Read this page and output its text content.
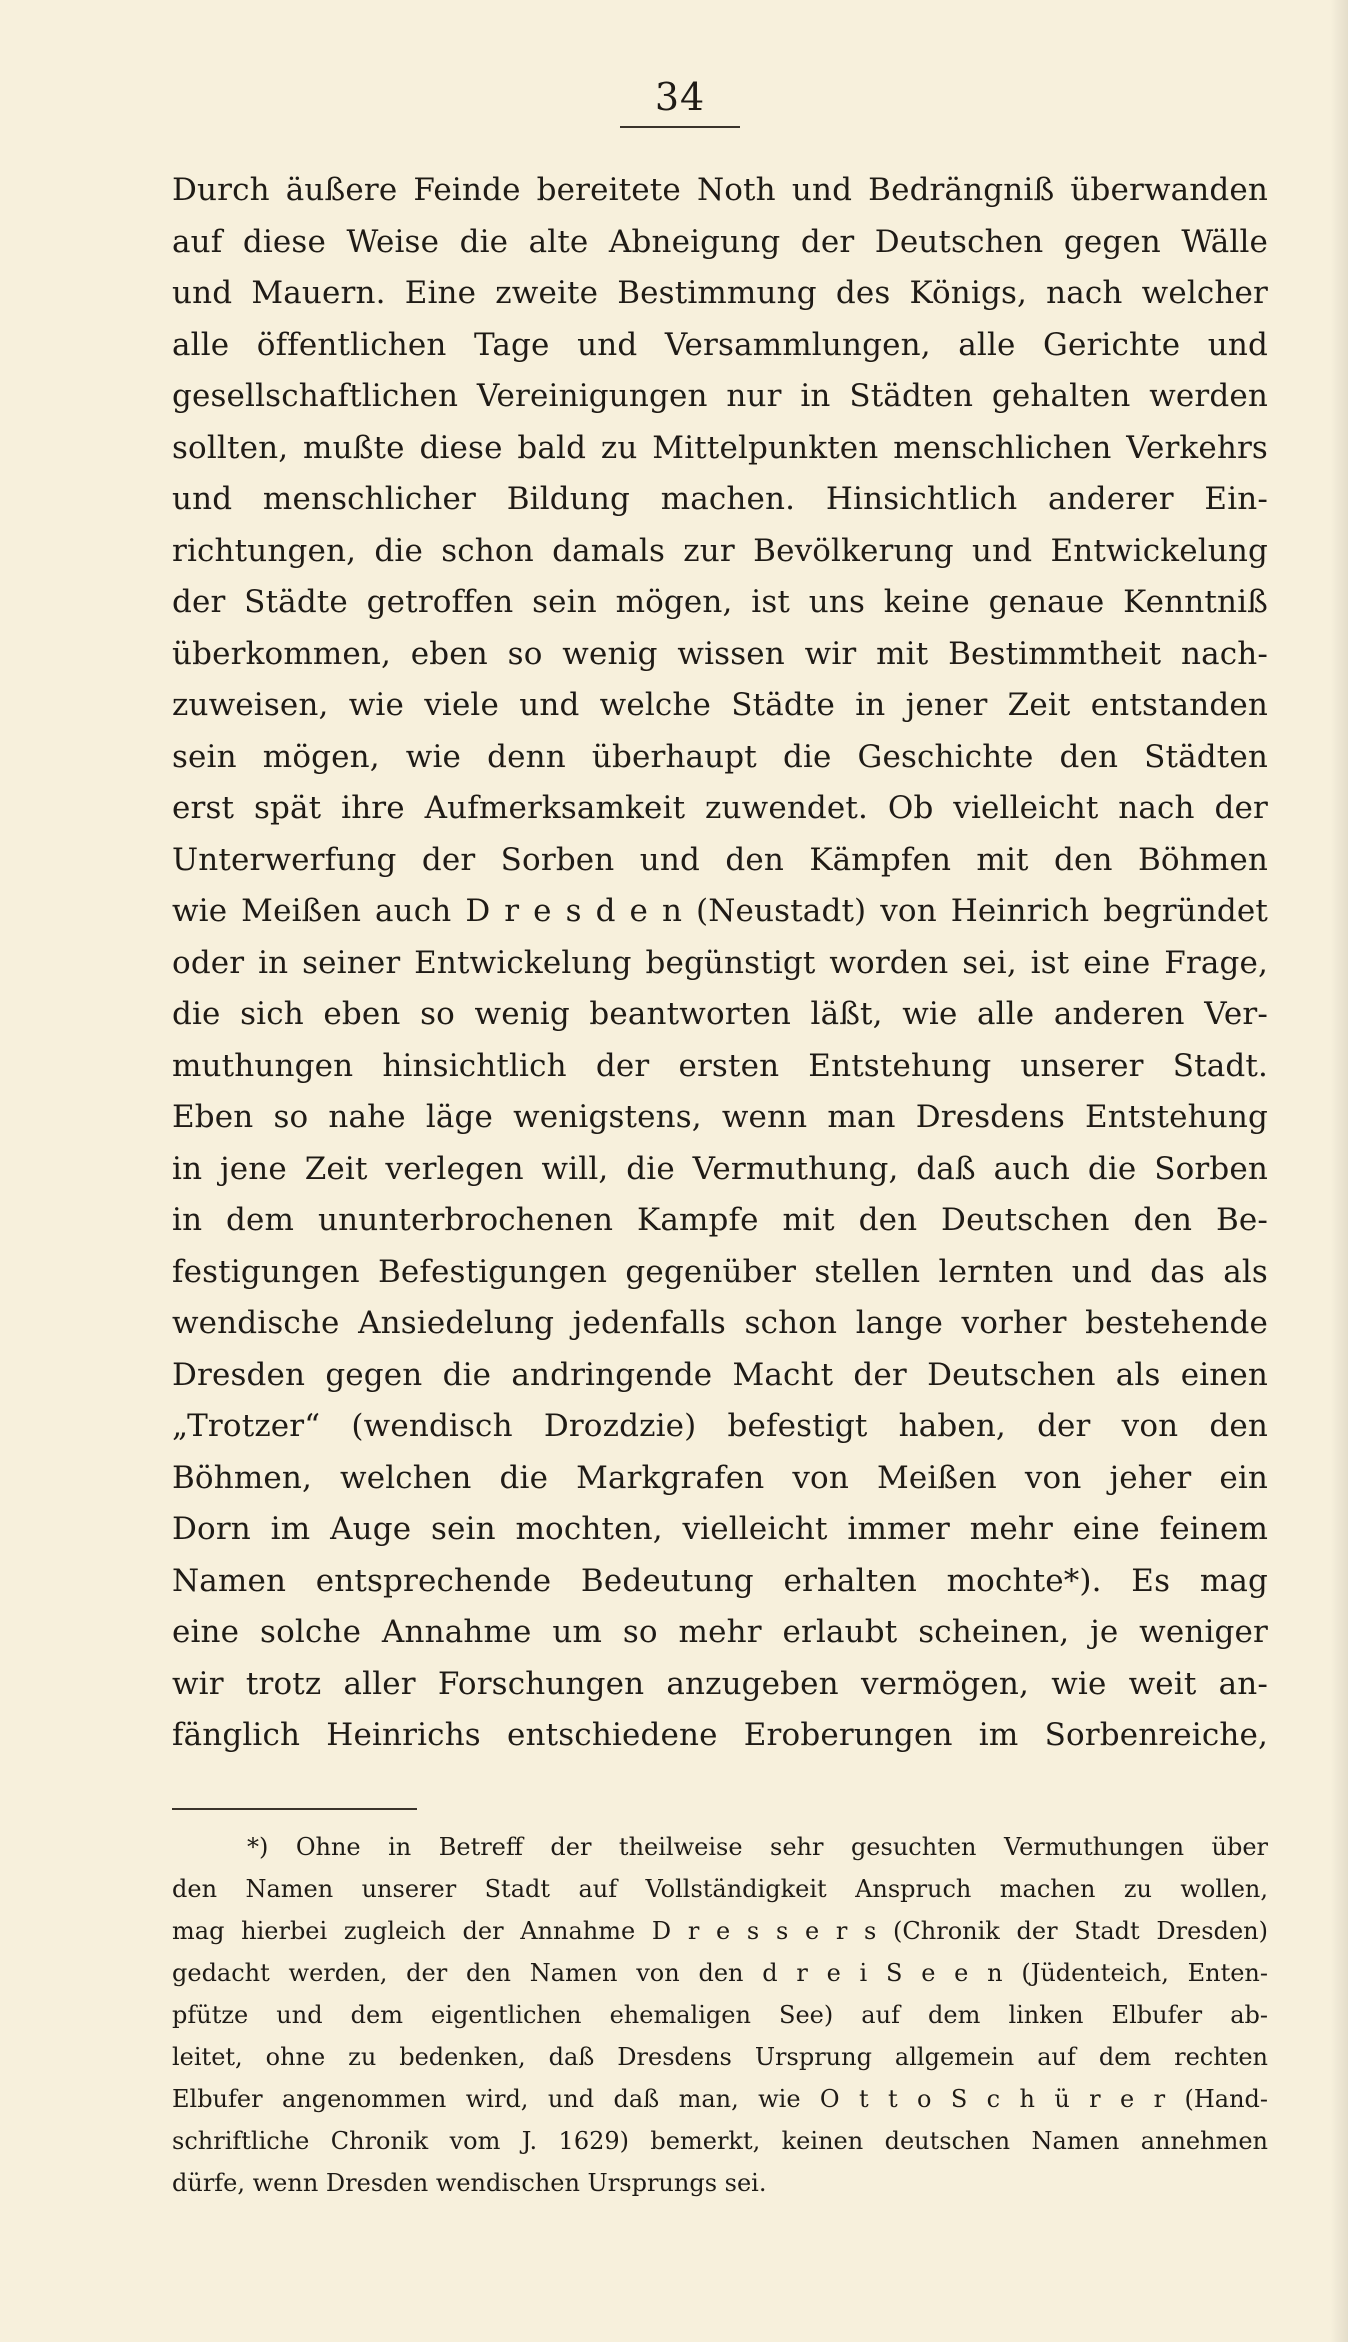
34
Durch äußere Feinde bereitete Noth und Bedrängniß überwanden
auf diese Weise die alte Abneigung der Deutschen gegen Wälle
und Mauern. Eine zweite Bestimmung des Königs, nach welcher
alle öffentlichen Tage und Versammlungen, alle Gerichte und
gesellschaftlichen Vereinigungen nur in Städten gehalten werden
sollten, mußte diese bald zu Mittelpunkten menschlichen Verkehrs
und menschlicher Bildung machen. Hinsichtlich anderer Ein-
richtungen, die schon damals zur Bevölkerung und Entwickelung
der Städte getroffen sein mögen, ist uns keine genaue Kenntniß
überkommen, eben so wenig wissen wir mit Bestimmtheit nach-
zuweisen, wie viele und welche Städte in jener Zeit entstanden
sein mögen, wie denn überhaupt die Geschichte den Städten
erst spät ihre Aufmerksamkeit zuwendet. Ob vielleicht nach der
Unterwerfung der Sorben und den Kämpfen mit den Böhmen
wie Meißen auch D r e s d e n (Neustadt) von Heinrich begründet
oder in seiner Entwickelung begünstigt worden sei, ist eine Frage,
die sich eben so wenig beantworten läßt, wie alle anderen Ver-
muthungen hinsichtlich der ersten Entstehung unserer Stadt.
Eben so nahe läge wenigstens, wenn man Dresdens Entstehung
in jene Zeit verlegen will, die Vermuthung, daß auch die Sorben
in dem ununterbrochenen Kampfe mit den Deutschen den Be-
festigungen Befestigungen gegenüber stellen lernten und das als
wendische Ansiedelung jedenfalls schon lange vorher bestehende
Dresden gegen die andringende Macht der Deutschen als einen
„Trotzer“ (wendisch Drozdzie) befestigt haben, der von den
Böhmen, welchen die Markgrafen von Meißen von jeher ein
Dorn im Auge sein mochten, vielleicht immer mehr eine feinem
Namen entsprechende Bedeutung erhalten mochte*). Es mag
eine solche Annahme um so mehr erlaubt scheinen, je weniger
wir trotz aller Forschungen anzugeben vermögen, wie weit an-
fänglich Heinrichs entschiedene Eroberungen im Sorbenreiche,
*) Ohne in Betreff der theilweise sehr gesuchten Vermuthungen über
den Namen unserer Stadt auf Vollständigkeit Anspruch machen zu wollen,
mag hierbei zugleich der Annahme D r e s s e r s (Chronik der Stadt Dresden)
gedacht werden, der den Namen von den d r e i S e e n (Jüdenteich, Enten-
pfütze und dem eigentlichen ehemaligen See) auf dem linken Elbufer ab-
leitet, ohne zu bedenken, daß Dresdens Ursprung allgemein auf dem rechten
Elbufer angenommen wird, und daß man, wie O t t o S c h ü r e r (Hand-
schriftliche Chronik vom J. 1629) bemerkt, keinen deutschen Namen annehmen
dürfe, wenn Dresden wendischen Ursprungs sei.
